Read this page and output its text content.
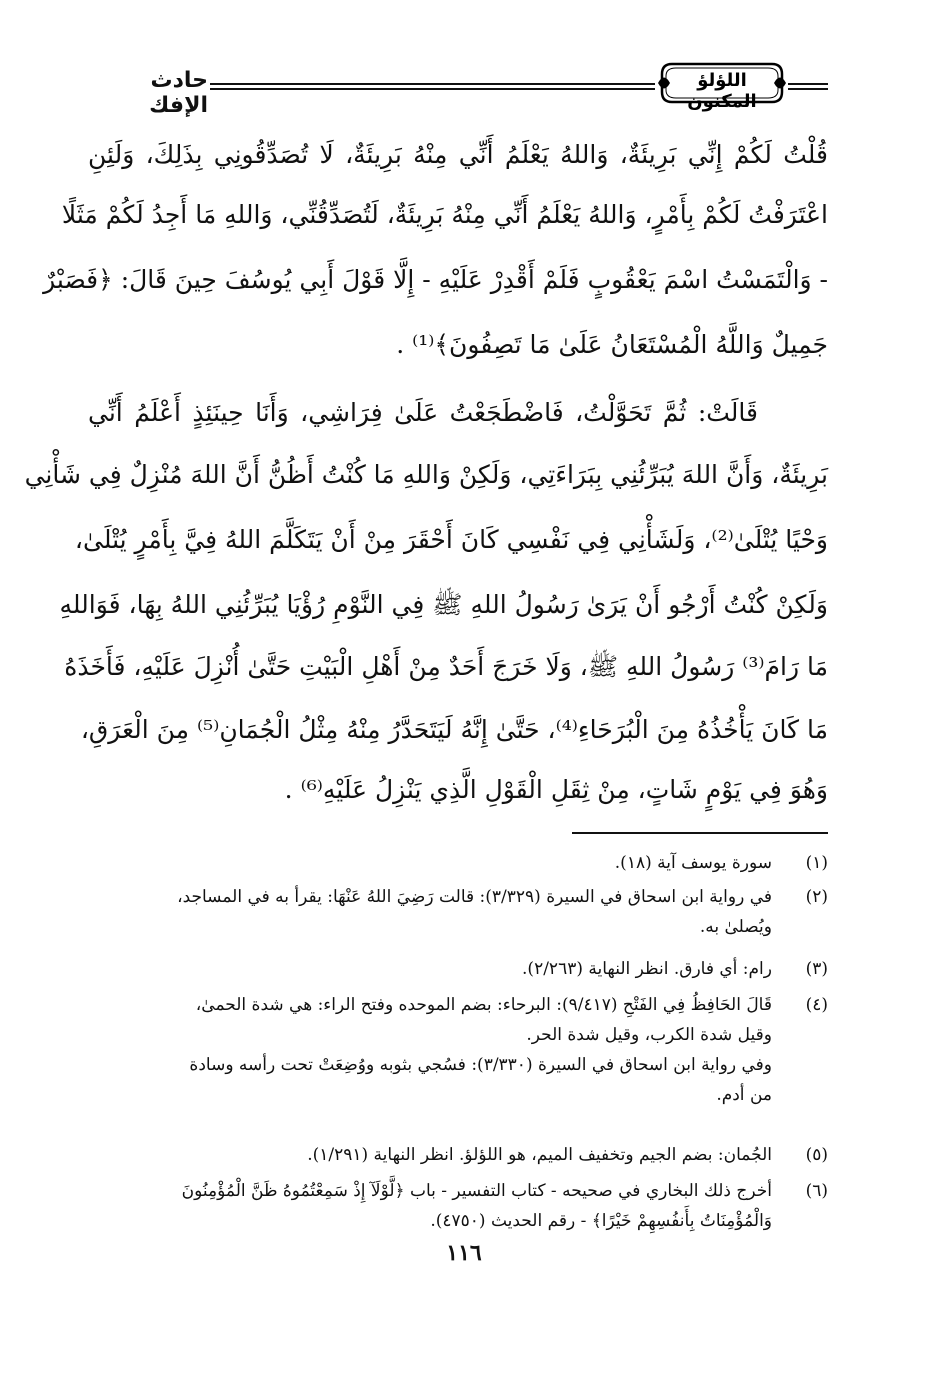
حادث الإفك
اللؤلؤ المكنون
قُلْتُ لَكُمْ إِنِّي بَرِيئَةٌ، وَاللهُ يَعْلَمُ أَنِّي مِنْهُ بَرِيئَةٌ، لَا تُصَدِّقُونِي بِذَلِكَ، وَلَئِنِ
اعْتَرَفْتُ لَكُمْ بِأَمْرٍ، وَاللهُ يَعْلَمُ أَنِّي مِنْهُ بَرِيئَةٌ، لَتُصَدِّقُنِّي، وَاللهِ مَا أَجِدُ لَكُمْ مَثَلًا
- وَالْتَمَسْتُ اسْمَ يَعْقُوبٍ فَلَمْ أَقْدِرْ عَلَيْهِ - إِلَّا قَوْلَ أَبِي يُوسُفَ حِينَ قَالَ: ﴿فَصَبْرٌ
جَمِيلٌ وَاللَّهُ الْمُسْتَعَانُ عَلَىٰ مَا تَصِفُونَ﴾⁽¹⁾ .
قَالَتْ: ثُمَّ تَحَوَّلْتُ، فَاضْطَجَعْتُ عَلَىٰ فِرَاشِي، وَأَنَا حِينَئِذٍ أَعْلَمُ أَنِّي
بَرِيئَةٌ، وَأَنَّ اللهَ يُبَرِّئُنِي بِبَرَاءَتِي، وَلَكِنْ وَاللهِ مَا كُنْتُ أَظُنُّ أَنَّ اللهَ مُنْزِلٌ فِي شَأْنِي
وَحْيًا يُتْلَىٰ⁽²⁾، وَلَشَأْنِي فِي نَفْسِي كَانَ أَحْقَرَ مِنْ أَنْ يَتَكَلَّمَ اللهُ فِيَّ بِأَمْرٍ يُتْلَىٰ،
وَلَكِنْ كُنْتُ أَرْجُو أَنْ يَرَىٰ رَسُولُ اللهِ ﷺ فِي النَّوْمِ رُؤْيَا يُبَرِّئُنِي اللهُ بِهَا، فَوَاللهِ
مَا رَامَ⁽³⁾ رَسُولُ اللهِ ﷺ، وَلَا خَرَجَ أَحَدٌ مِنْ أَهْلِ الْبَيْتِ حَتَّىٰ أُنْزِلَ عَلَيْهِ، فَأَخَذَهُ
مَا كَانَ يَأْخُذُهُ مِنَ الْبُرَحَاءِ⁽⁴⁾، حَتَّىٰ إِنَّهُ لَيَتَحَدَّرُ مِنْهُ مِثْلُ الْجُمَانِ⁽⁵⁾ مِنَ الْعَرَقِ،
وَهُوَ فِي يَوْمٍ شَاتٍ، مِنْ ثِقَلِ الْقَوْلِ الَّذِي يَنْزِلُ عَلَيْهِ⁽⁶⁾ .
(١)
سورة يوسف آية (١٨).
(٢)
في رواية ابن اسحاق في السيرة (٣/٣٢٩): قالت رَضِيَ اللهُ عَنْهَا: يقرأ به في المساجد،
ويُصلىٰ به.
(٣)
رام: أي فارق. انظر النهاية (٢/٢٦٣).
(٤)
قَالَ الحَافِظُ فِي الفَتْحِ (٩/٤١٧): البرحاء: بضم الموحده وفتح الراء: هي شدة الحمىٰ،
وقيل شدة الكرب، وقيل شدة الحر.
وفي رواية ابن اسحاق في السيرة (٣/٣٣٠): فسُجي بثوبه ووُضِعَتْ تحت رأسه وسادة
من أدم.
(٥)
الجُمان: بضم الجيم وتخفيف الميم، هو اللؤلؤ. انظر النهاية (١/٢٩١).
(٦)
أخرج ذلك البخاري في صحيحه - كتاب التفسير - باب ﴿لَّوْلَآ إِذْ سَمِعْتُمُوهُ ظَنَّ الْمُؤْمِنُونَ
وَالْمُؤْمِنَاتُ بِأَنفُسِهِمْ خَيْرًا﴾ - رقم الحديث (٤٧٥٠).
١١٦
